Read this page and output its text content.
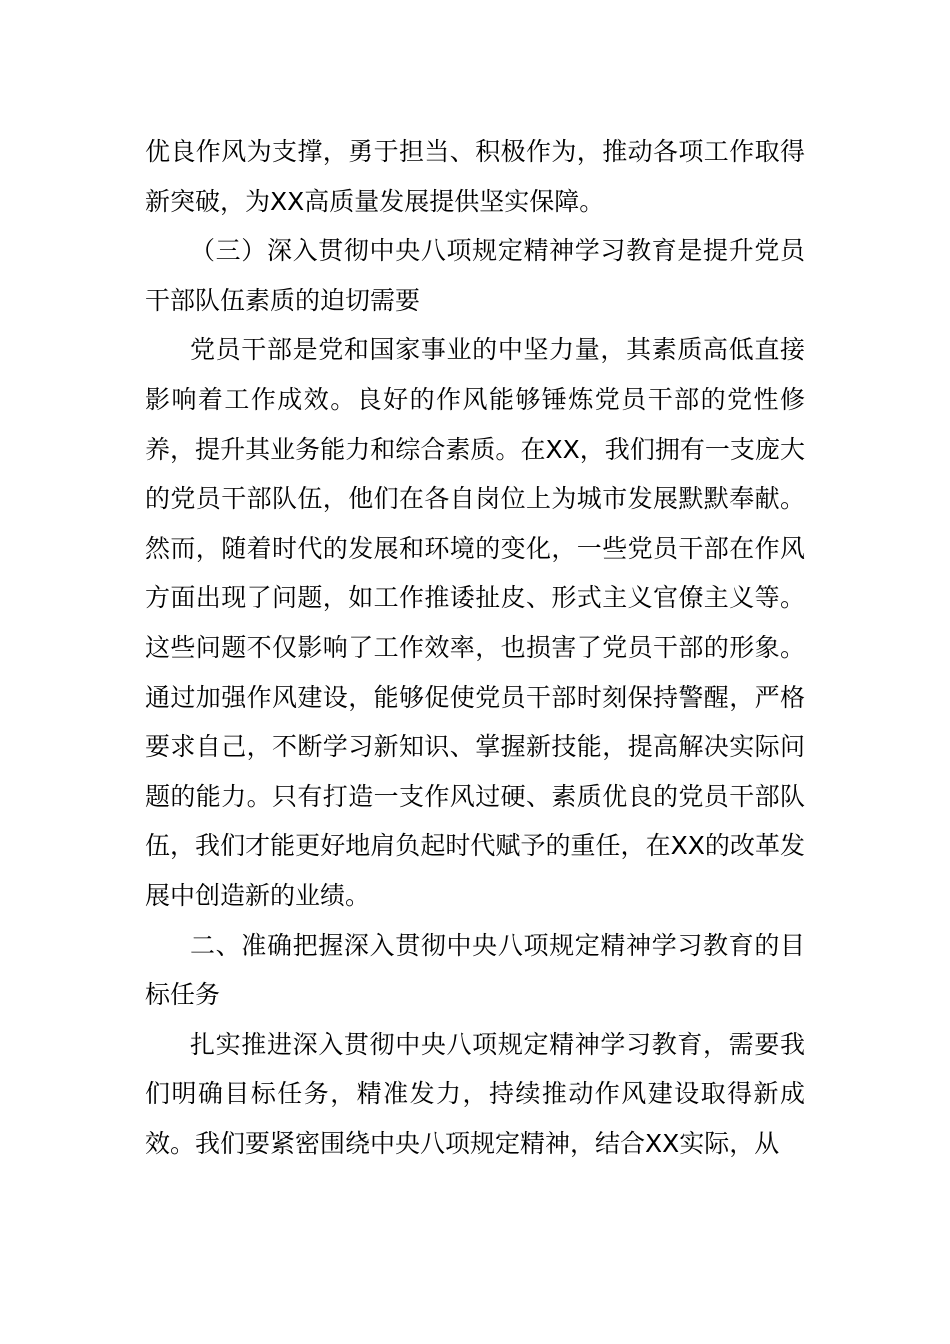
优良作风为支撑，勇于担当、积极作为，推动各项工作取得新突破，为XX高质量发展提供坚实保障。

（三）深入贯彻中央八项规定精神学习教育是提升党员干部队伍素质的迫切需要

党员干部是党和国家事业的中坚力量，其素质高低直接影响着工作成效。良好的作风能够锤炼党员干部的党性修养，提升其业务能力和综合素质。在XX，我们拥有一支庞大的党员干部队伍，他们在各自岗位上为城市发展默默奉献。然而，随着时代的发展和环境的变化，一些党员干部在作风方面出现了问题，如工作推诿扯皮、形式主义官僚主义等。这些问题不仅影响了工作效率，也损害了党员干部的形象。通过加强作风建设，能够促使党员干部时刻保持警醒，严格要求自己，不断学习新知识、掌握新技能，提高解决实际问题的能力。只有打造一支作风过硬、素质优良的党员干部队伍，我们才能更好地肩负起时代赋予的重任，在XX的改革发展中创造新的业绩。

二、准确把握深入贯彻中央八项规定精神学习教育的目标任务

扎实推进深入贯彻中央八项规定精神学习教育，需要我们明确目标任务，精准发力，持续推动作风建设取得新成效。我们要紧密围绕中央八项规定精神，结合XX实际，从
